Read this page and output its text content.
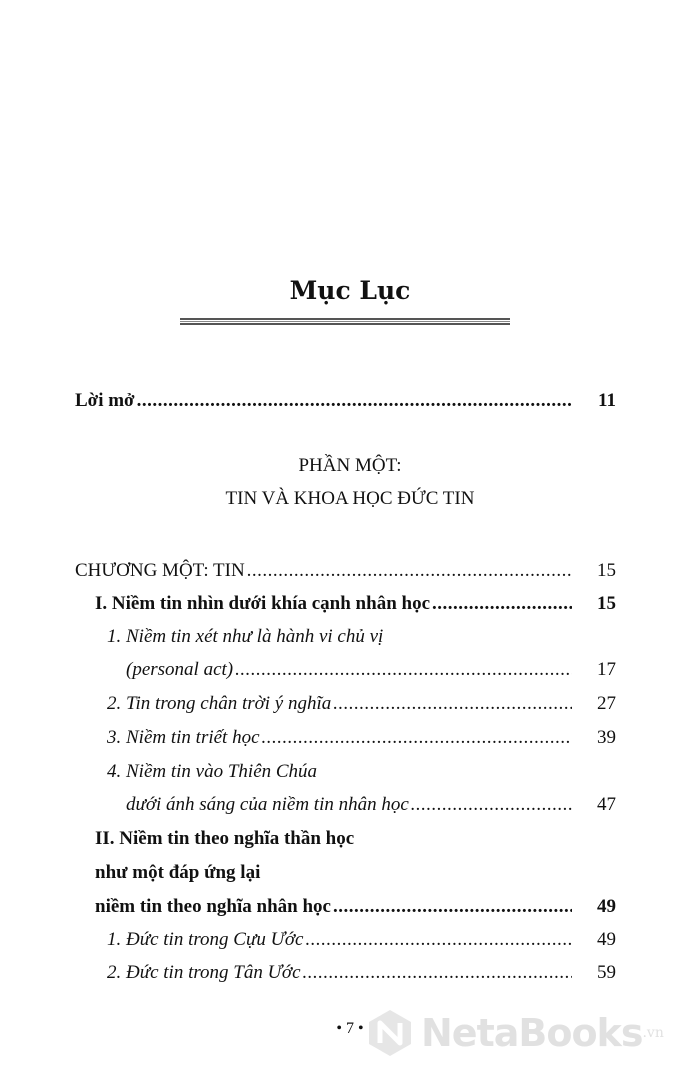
Mục Lục
Lời mở .....	11

PHẦN MỘT:

TIN VÀ KHOA HỌC ĐỨC TIN

CHƯƠNG MỘT: TIN .....	15
I. Niềm tin nhìn dưới khía cạnh nhân học .....	15
1. Niềm tin xét như là hành vi chủ vị
(personal act) .....	17
2. Tin trong chân trời ý nghĩa .....	27
3. Niềm tin triết học .....	39
4. Niềm tin vào Thiên Chúa
dưới ánh sáng của niềm tin nhân học .....	47
II. Niềm tin theo nghĩa thần học
như một đáp ứng lại
niềm tin theo nghĩa nhân học .....	49
1. Đức tin trong Cựu Ước .....	49
2. Đức tin trong Tân Ước .....	59
• 7 •	NetaBooks .vn
